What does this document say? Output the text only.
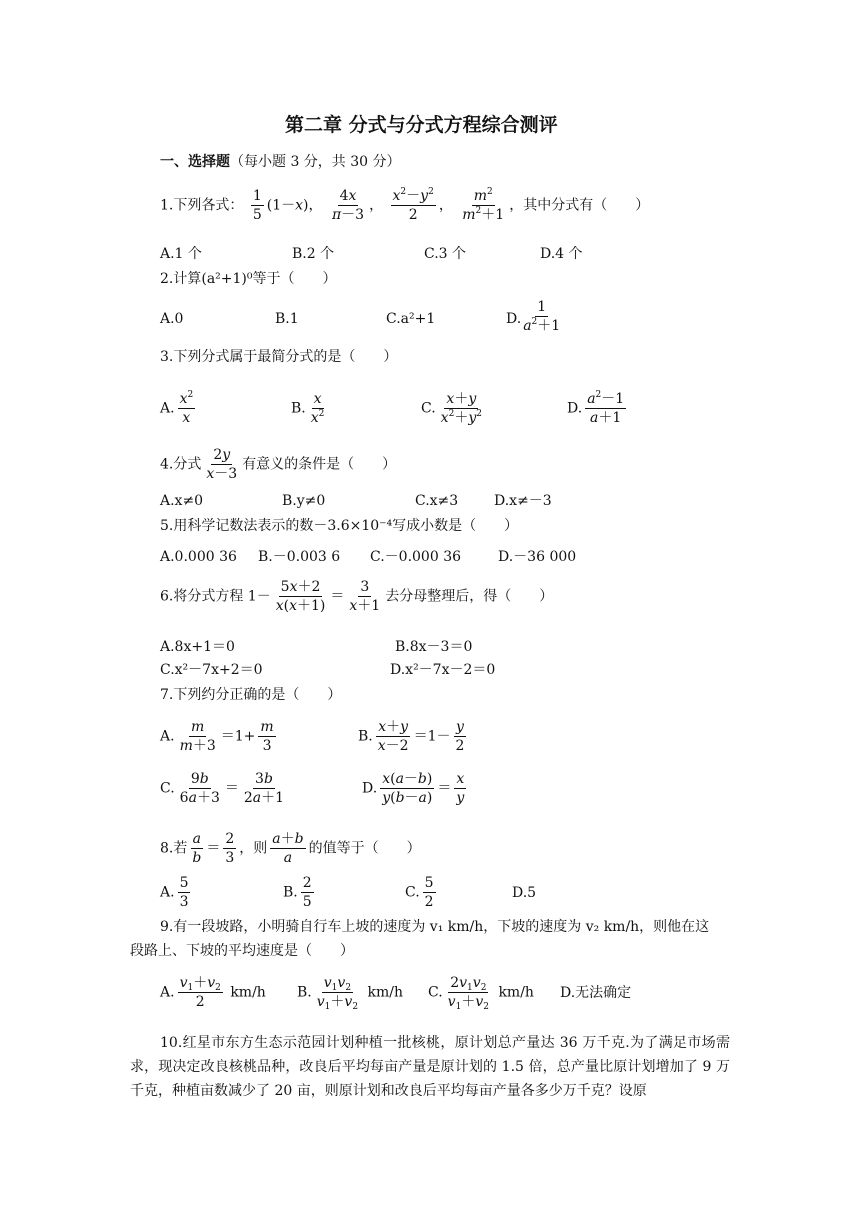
第二章 分式与分式方程综合测评
一、选择题（每小题 3 分，共 30 分）
1.下列各式： $\frac{1}{5} (1-x)$， $\frac{4x}{\pi-3}$ ， $\frac{x^2-y^2}{2}$ ， $\frac{m^2}{m^2+1}$ ，其中分式有（　　）
A.1 个	B.2 个	C.3 个	D.4 个
2.计算(a²+1)⁰等于（　　）
A.0	B.1	C.a²+1	D. $\frac{1}{a^2+1}$
3.下列分式属于最简分式的是（　　）
A. $\frac{x^2}{x}$	B. $\frac{x}{x^2}$	C. $\frac{x+y}{x^2+y^2}$	D. $\frac{a^2-1}{a+1}$
4.分式 $\frac{2y}{x-3}$ 有意义的条件是（　　）
A.x≠0	B.y≠0	C.x≠3	D.x≠－3
5.用科学记数法表示的数－3.6×10⁻⁴写成小数是（　　）
A.0.000 36 B.－0.003 6 C.－0.000 36	D.－36 000
6.将分式方程 $1- \frac{5x+2}{x(x+1)} = \frac{3}{x+1}$ 去分母整理后，得（　　）
A.8x+1＝0	B.8x－3＝0
C.x²－7x+2＝0	D.x²－7x－2＝0
7.下列约分正确的是（　　）
A. $\frac{m}{m+3} =1+ \frac{m}{3}$	B. $\frac{x+y}{x-2} =1- \frac{y}{2}$
C. $\frac{9b}{6a+3} = \frac{3b}{2a+1}$	D. $\frac{x(a-b)}{y(b-a)} = \frac{x}{y}$
8.若 $\frac{a}{b} = \frac{2}{3}$ ，则 $\frac{a+b}{a}$ 的值等于（　　）
A. $\frac{5}{3}$	B. $\frac{2}{5}$	C. $\frac{5}{2}$	D.5
9.有一段坡路，小明骑自行车上坡的速度为 v₁ km/h，下坡的速度为 v₂ km/h，则他在这
段路上、下坡的平均速度是（　　）
A. $\frac{v_1+v_2}{2} km/h$ B. $\frac{v_1v_2}{v_1+v_2} km/h$ C. $\frac{2v_1v_2}{v_1+v_2} km/h$ D.无法确定
10.红星市东方生态示范园计划种植一批核桃，原计划总产量达 36 万千克.为了满足市场需求，现决定改良核桃品种，改良后平均每亩产量是原计划的 1.5 倍，总产量比原计划增加了 9 万千克，种植亩数减少了 20 亩，则原计划和改良后平均每亩产量各多少万千克？设原
